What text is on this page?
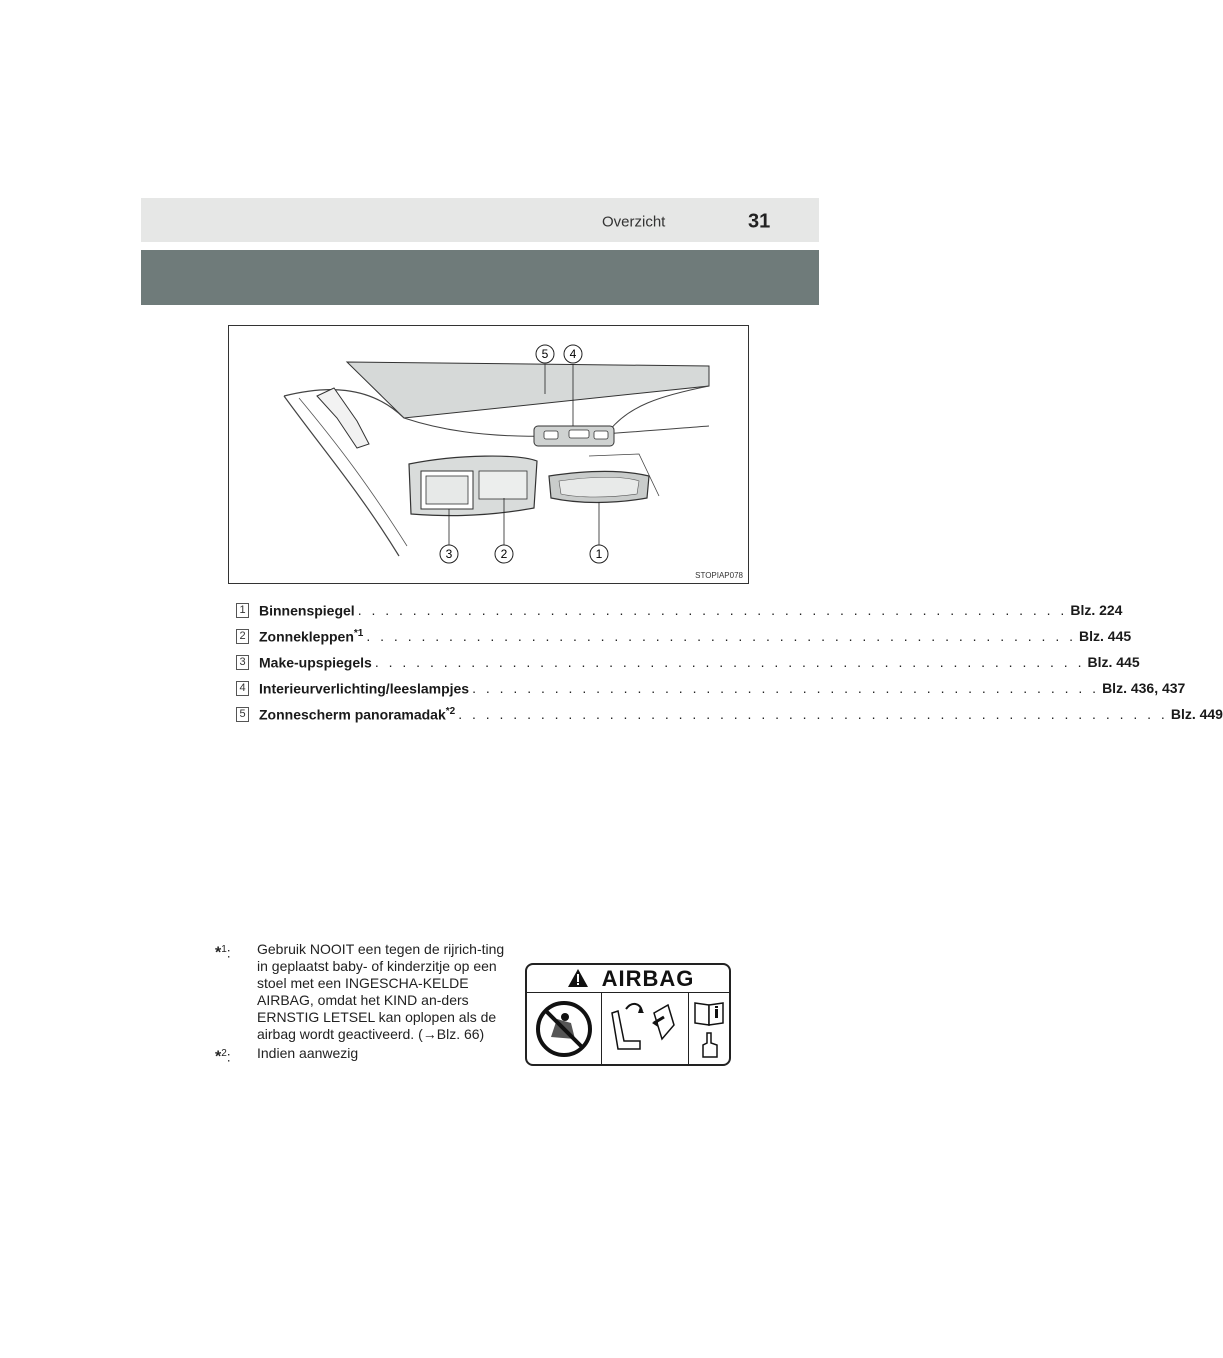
Overzicht	31
1
2
3
4
5
STOPIAP078
1 Binnenspiegel . . . . . . . . . . . . . . . . . . . . . . . . . . . . . . . . . . . . . . . . . . . . . . . . . . . . Blz. 224
2 Zonnekleppen$^{*1}$ . . . . . . . . . . . . . . . . . . . . . . . . . . . . . . . . . . . . . . . . . . . . . . . . . . . . Blz. 445
3 Make-upspiegels . . . . . . . . . . . . . . . . . . . . . . . . . . . . . . . . . . . . . . . . . . . . . . . . . . . . Blz. 445
4 Interieurverlichting/leeslampjes . . . . . . . . . . . . . . . . . . . . . . . . . . . . . . . . . . . . . . . . . . . . . . Blz. 436, 437
5 Zonnescherm panoramadak$^{*2}$ . . . . . . . . . . . . . . . . . . . . . . . . . . . . . . . . . . . . . . . . . . . . . . . . . . . . Blz. 449
*$^1$:	Gebruik NOOIT een tegen de rijrich-ting in geplaatst baby- of kinderzitje op een stoel met een INGESCHA-KELDE AIRBAG, omdat het KIND an-ders ERNSTIG LETSEL kan oplopen als de airbag wordt geactiveerd. (→Blz. 66)
*$^2$:	Indien aanwezig
AIRBAG
